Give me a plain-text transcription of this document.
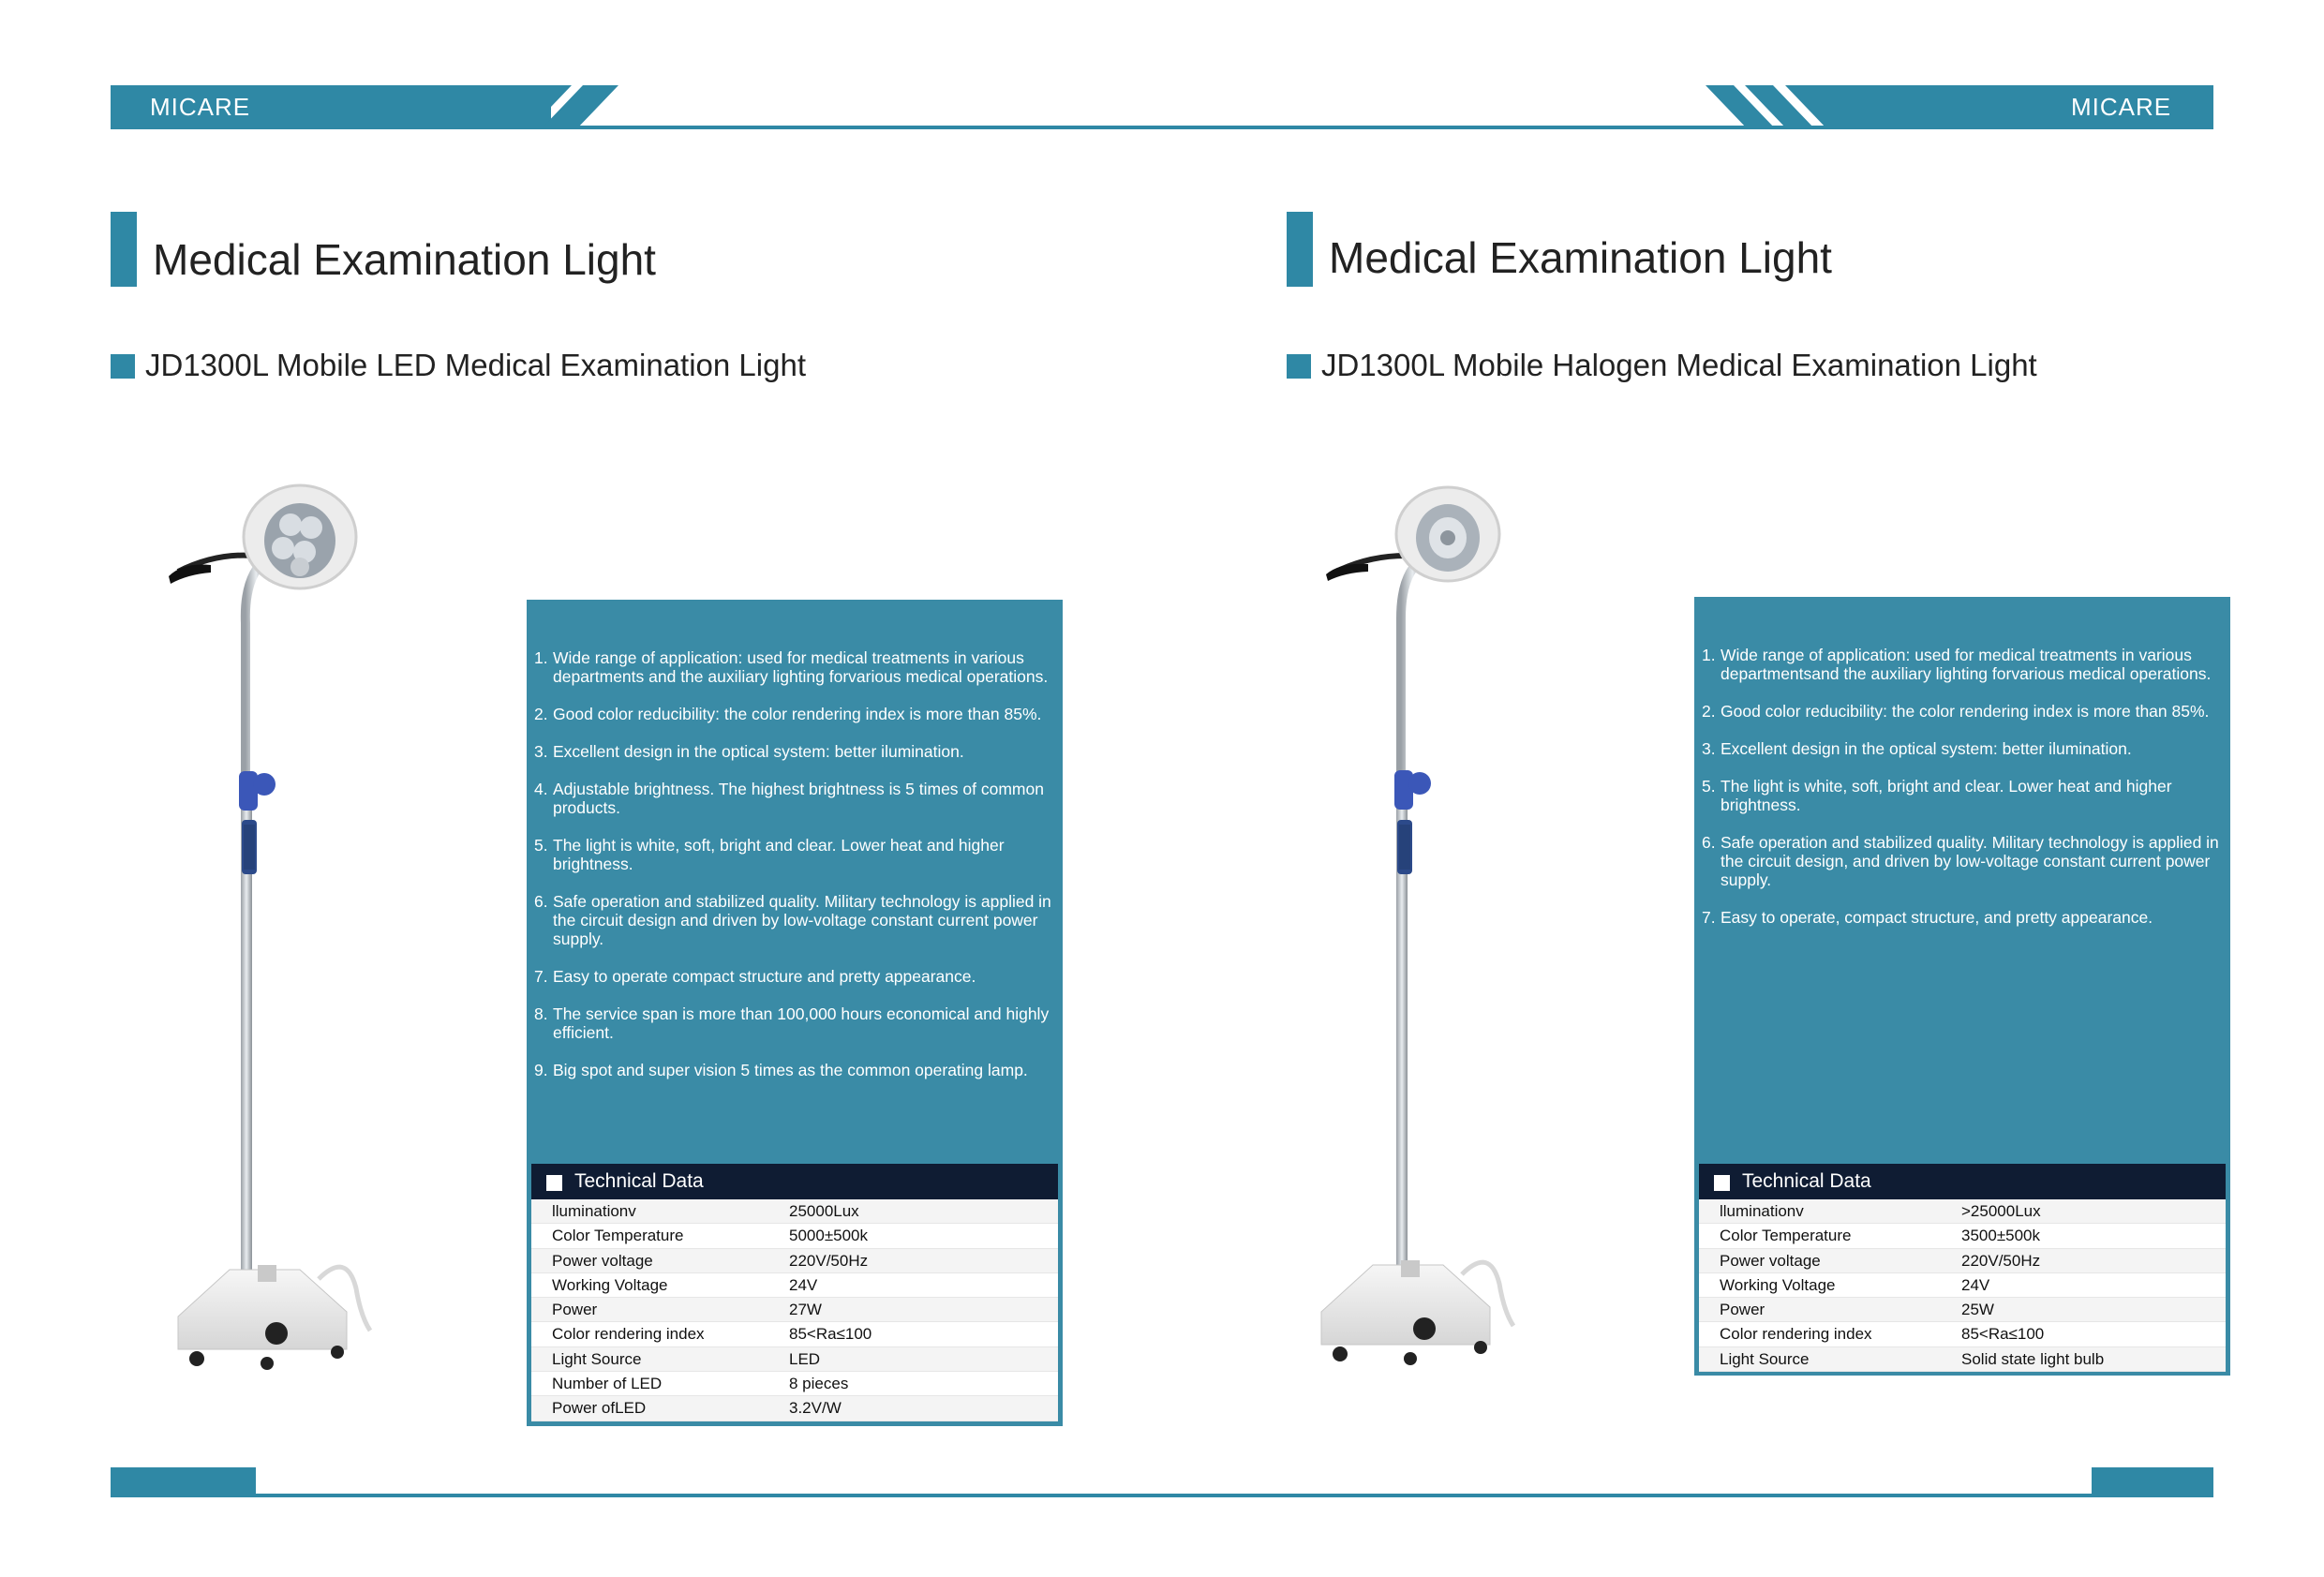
MICARE	MICARE
Medical Examination Light
JD1300L Mobile LED Medical Examination Light
1. Wide range of application: used for medical treatments in various departments and the auxiliary lighting forvarious medical operations.
2. Good color reducibility: the color rendering index is more than 85%.
3. Excellent design in the optical system: better ilumination.
4. Adjustable brightness. The highest brightness is 5 times of common products.
5. The light is white, soft, bright and clear. Lower heat and higher brightness.
6. Safe operation and stabilized quality. Military technology is applied in the circuit design and driven by low-voltage constant current power supply.
7. Easy to operate compact structure and pretty appearance.
8. The service span is more than 100,000 hours economical and highly efficient.
9. Big spot and super vision 5 times as the common operating lamp.
Technical Data
lluminationv	25000Lux
Color Temperature	5000±500k
Power voltage	220V/50Hz
Working Voltage	24V
Power	27W
Color rendering index	85<Ra≤100
Light Source	LED
Number of LED	8 pieces
Power ofLED	3.2V/W
Medical Examination Light
JD1300L Mobile Halogen Medical Examination Light
1. Wide range of application: used for medical treatments in various departmentsand the auxiliary lighting forvarious medical operations.
2. Good color reducibility: the color rendering index is more than 85%.
3. Excellent design in the optical system: better ilumination.
5. The light is white, soft, bright and clear. Lower heat and higher brightness.
6. Safe operation and stabilized quality. Military technology is applied in the circuit design, and driven by low-voltage constant current power supply.
7. Easy to operate, compact structure, and pretty appearance.
Technical Data
lluminationv	>25000Lux
Color Temperature	3500±500k
Power voltage	220V/50Hz
Working Voltage	24V
Power	25W
Color rendering index	85<Ra≤100
Light Source	Solid state light bulb
